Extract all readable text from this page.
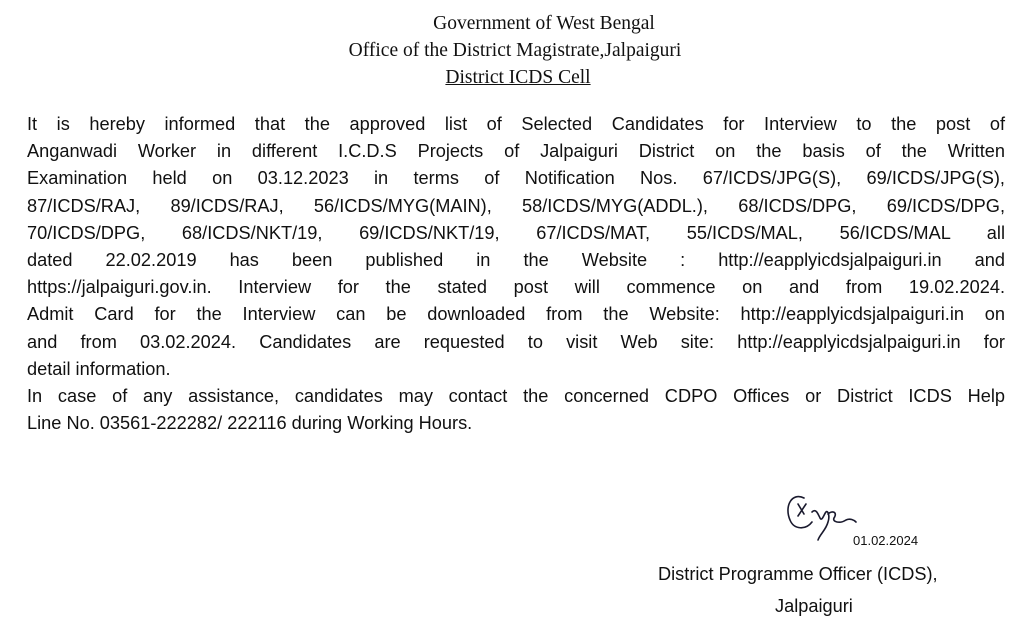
Government of West Bengal
Office of the District Magistrate,Jalpaiguri
District ICDS Cell

It is hereby informed that the approved list of Selected Candidates for Interview to the post of
Anganwadi Worker in different I.C.D.S Projects of Jalpaiguri District on the basis of the Written
Examination held on 03.12.2023 in terms of Notification Nos. 67/ICDS/JPG(S), 69/ICDS/JPG(S),
87/ICDS/RAJ, 89/ICDS/RAJ, 56/ICDS/MYG(MAIN), 58/ICDS/MYG(ADDL.), 68/ICDS/DPG, 69/ICDS/DPG,
70/ICDS/DPG, 68/ICDS/NKT/19, 69/ICDS/NKT/19, 67/ICDS/MAT, 55/ICDS/MAL, 56/ICDS/MAL all
dated 22.02.2019 has been published in the Website : http://eapplyicdsjalpaiguri.in and
https://jalpaiguri.gov.in. Interview for the stated post will commence on and from 19.02.2024.
Admit Card for the Interview can be downloaded from the Website: http://eapplyicdsjalpaiguri.in on
and from 03.02.2024. Candidates are requested to visit Web site: http://eapplyicdsjalpaiguri.in for
detail information.

In case of any assistance, candidates may contact the concerned CDPO Offices or District ICDS Help
Line No. 03561-222282/ 222116 during Working Hours.

01.02.2024
District Programme Officer (ICDS),
Jalpaiguri
